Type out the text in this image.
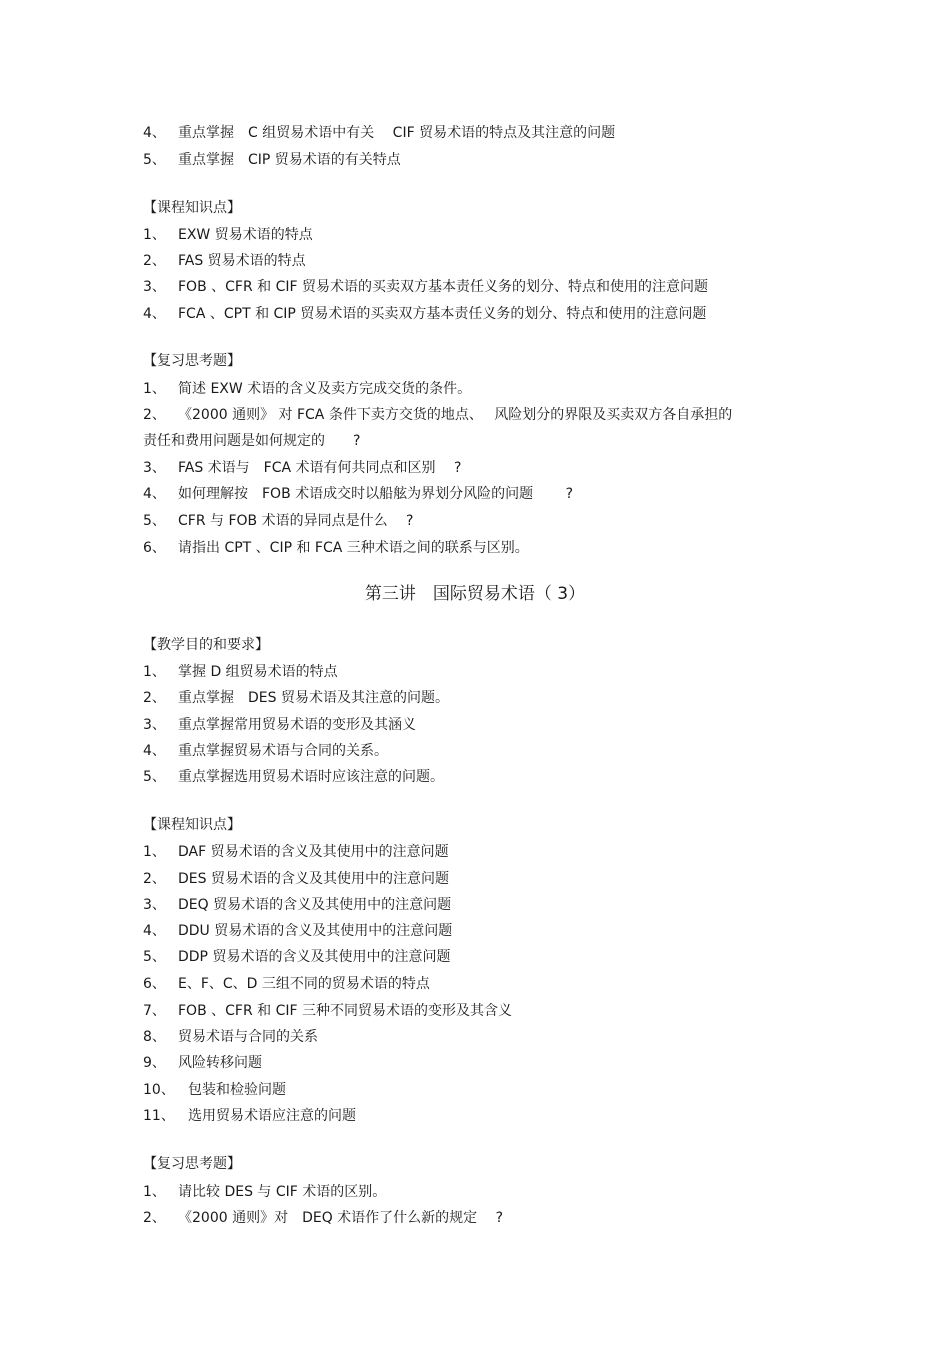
4、 重点掌握　C 组贸易术语中有关　 CIF 贸易术语的特点及其注意的问题
5、 重点掌握　CIP 贸易术语的有关特点
【课程知识点】
1、 EXW 贸易术语的特点
2、 FAS 贸易术语的特点
3、 FOB 、CFR 和 CIF 贸易术语的买卖双方基本责任义务的划分、特点和使用的注意问题
4、 FCA 、CPT 和 CIP 贸易术语的买卖双方基本责任义务的划分、特点和使用的注意问题
【复习思考题】
1、 简述 EXW 术语的含义及卖方完成交货的条件。
2、 《2000 通则》 对 FCA 条件下卖方交货的地点、　 风险划分的界限及买卖双方各自承担的
责任和费用问题是如何规定的　　?
3、 FAS 术语与　FCA 术语有何共同点和区别　 ?
4、 如何理解按　FOB 术语成交时以船舷为界划分风险的问题　　 ?
5、 CFR 与 FOB 术语的异同点是什么　 ?
6、 请指出 CPT 、CIP 和 FCA 三种术语之间的联系与区别。
第三讲　国际贸易术语（ 3）
【教学目的和要求】
1、 掌握 D 组贸易术语的特点
2、 重点掌握　DES 贸易术语及其注意的问题。
3、 重点掌握常用贸易术语的变形及其涵义
4、 重点掌握贸易术语与合同的关系。
5、 重点掌握选用贸易术语时应该注意的问题。
【课程知识点】
1、 DAF 贸易术语的含义及其使用中的注意问题
2、 DES 贸易术语的含义及其使用中的注意问题
3、 DEQ 贸易术语的含义及其使用中的注意问题
4、 DDU 贸易术语的含义及其使用中的注意问题
5、 DDP 贸易术语的含义及其使用中的注意问题
6、 E、F、C、D 三组不同的贸易术语的特点
7、 FOB 、CFR 和 CIF 三种不同贸易术语的变形及其含义
8、 贸易术语与合同的关系
9、 风险转移问题
10、 包装和检验问题
11、 选用贸易术语应注意的问题
【复习思考题】
1、 请比较 DES 与 CIF 术语的区别。
2、 《2000 通则》对　DEQ 术语作了什么新的规定　 ?
